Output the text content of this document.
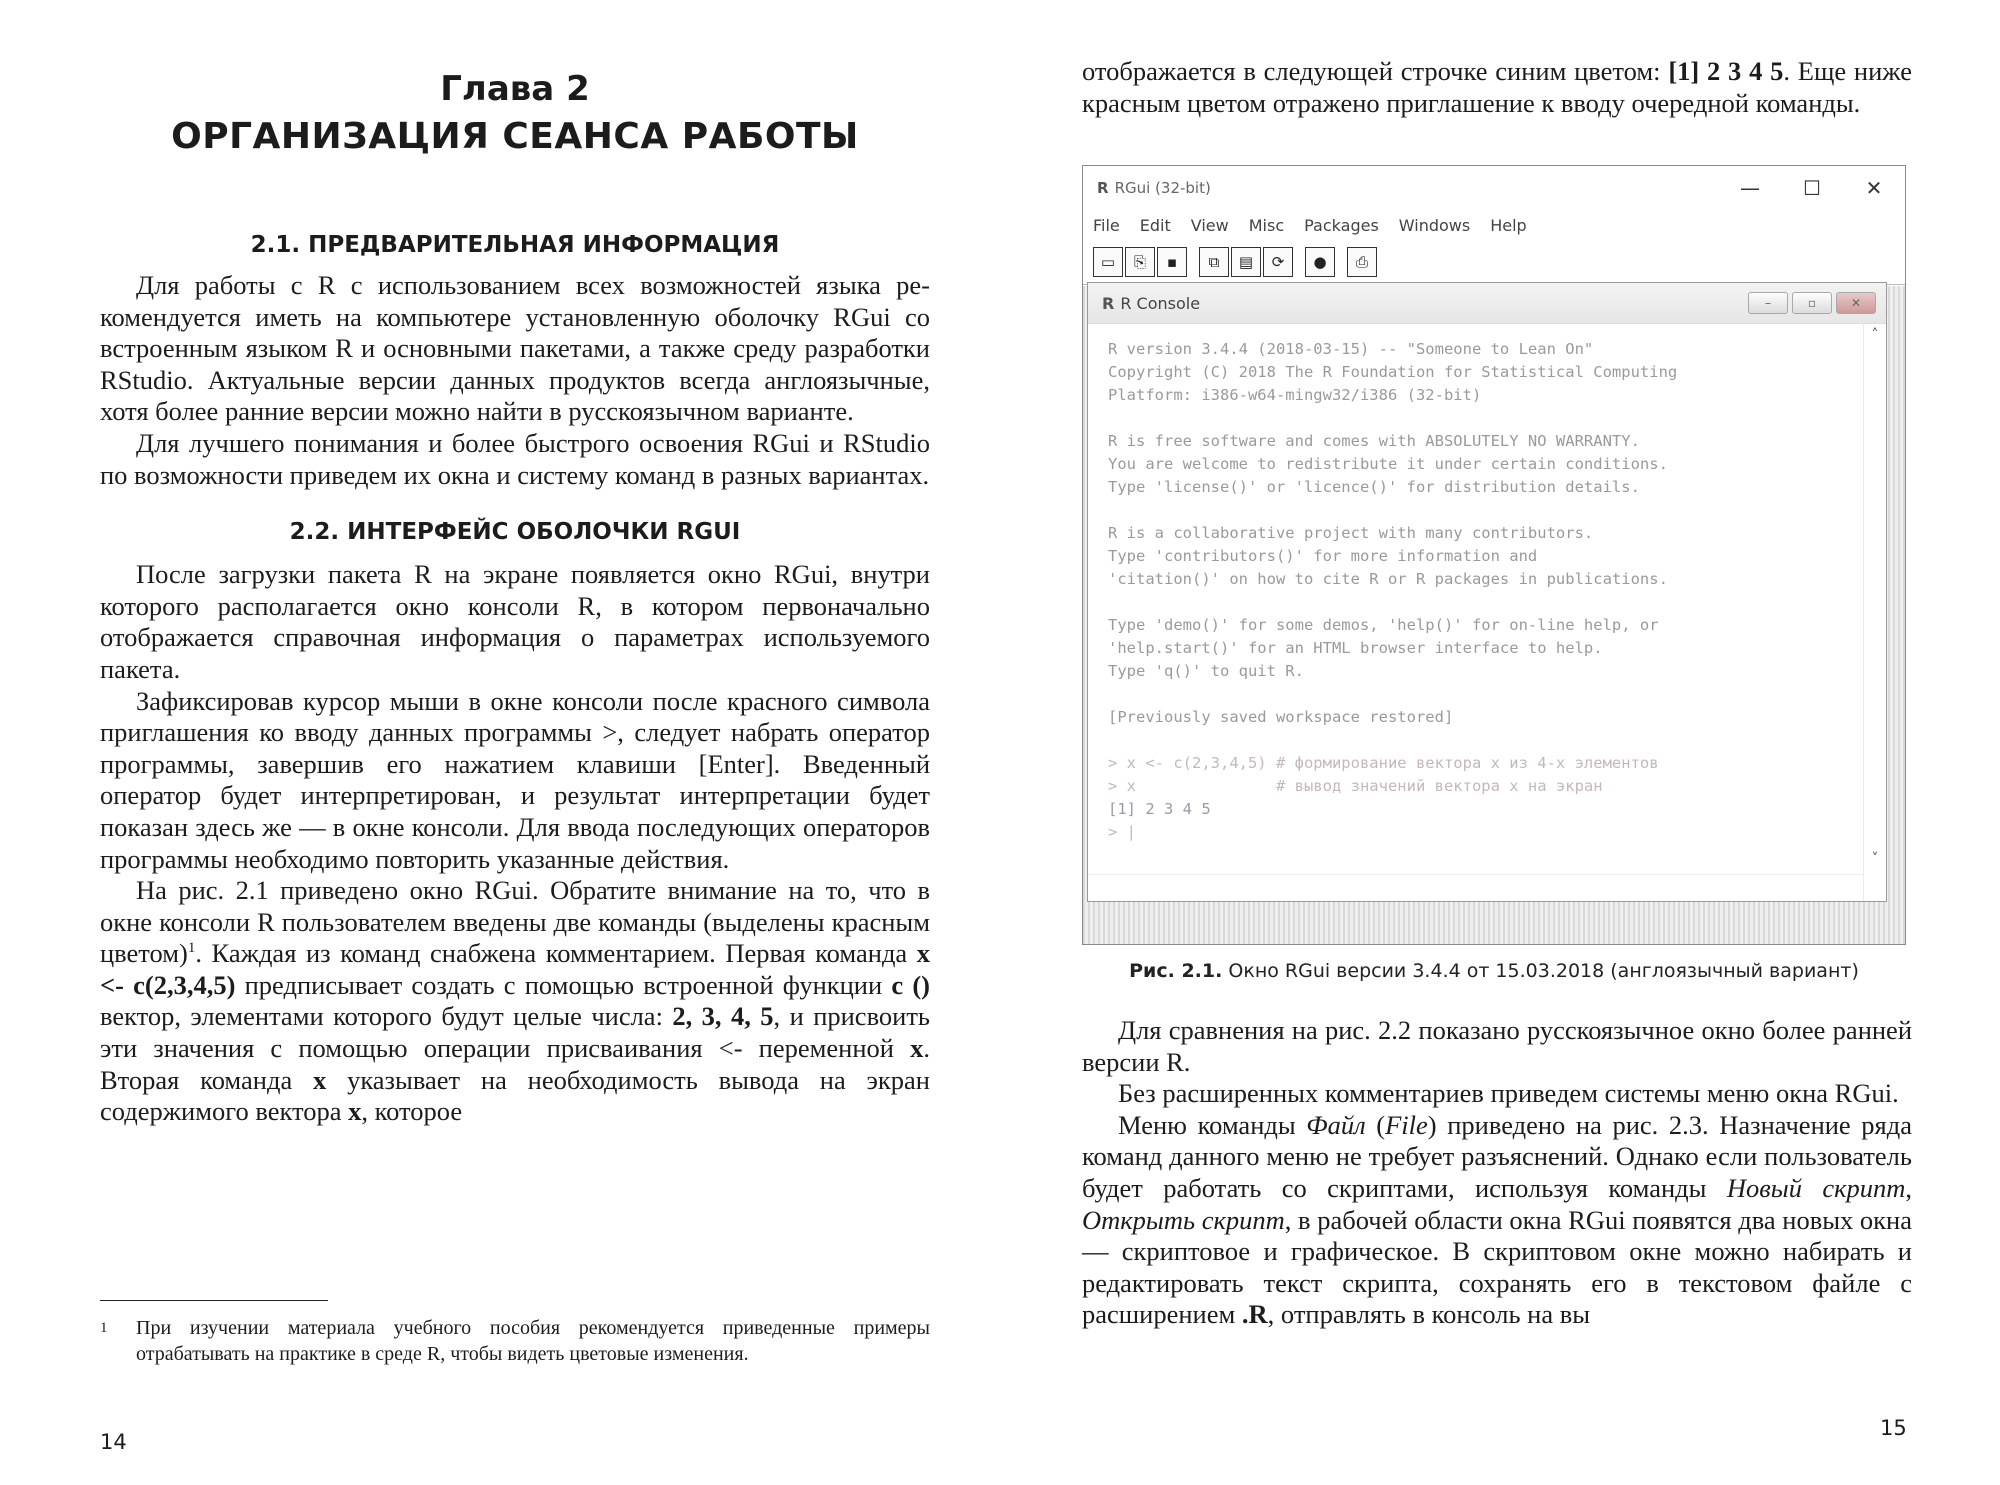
Глава 2
ОРГАНИЗАЦИЯ СЕАНСА РАБОТЫ
2.1. ПРЕДВАРИТЕЛЬНАЯ ИНФОРМАЦИЯ

Для работы с R с использованием всех возможностей языка рекомендуется иметь на компьютере установленную оболочку RGui со встроенным языком R и основными пакетами, а также среду разработки RStudio. Актуальные версии данных продуктов всегда англоязычные, хотя более ранние версии можно найти в русскоязычном варианте.

Для лучшего понимания и более быстрого освоения RGui и RStudio по возможности приведем их окна и систему команд в разных вариантах.

2.2. ИНТЕРФЕЙС ОБОЛОЧКИ RGUI

После загрузки пакета R на экране появляется окно RGui, внутри которого располагается окно консоли R, в котором первоначально отображается справочная информация о параметрах используемого пакета.

Зафиксировав курсор мыши в окне консоли после красного символа приглашения ко вводу данных программы >, следует набрать оператор программы, завершив его нажатием клавиши [Enter]. Введенный оператор будет интерпретирован, и результат интерпретации будет показан здесь же — в окне консоли. Для ввода последующих операторов программы необходимо повторить указанные действия.

На рис. 2.1 приведено окно RGui. Обратите внимание на то, что в окне консоли R пользователем введены две команды (выделены красным цветом)$^1$. Каждая из команд снабжена комментарием. Первая команда x <- c(2,3,4,5) предписывает создать с помощью встроенной функции c () вектор, элементами которого будут целые числа: 2, 3, 4, 5, и присвоить эти значения с помощью операции присваивания <- переменной x. Вторая команда x указывает на необходимость вывода на экран содержимого вектора x, которое

1	При изучении материала учебного пособия рекомендуется приведенные примеры отрабатывать на практике в среде R, чтобы видеть цветовые изменения.
14

отображается в следующей строчке синим цветом: [1] 2 3 4 5. Еще ниже красным цветом отражено приглашение к вводу очередной команды.

Для сравнения на рис. 2.2 показано русскоязычное окно более ранней версии R.

Без расширенных комментариев приведем системы меню окна RGui.

Меню команды Файл (File) приведено на рис. 2.3. Назначение ряда команд данного меню не требует разъяснений. Однако если пользователь будет работать со скриптами, используя команды Новый скрипт, Открыть скрипт, в рабочей области окна RGui появятся два новых окна — скриптовое и графическое. В скриптовом окне можно набирать и редактировать текст скрипта, сохранять его в текстовом файле с расширением .R, отправлять в консоль на вы

15
R RGui (32-bit)	—	☐	✕
File Edit View Misc Packages Windows Help
▭	⎘	▪	⧉	▤	⟳	●	⎙
R R Console	–	▫	✕
R version 3.4.4 (2018-03-15) -- "Someone to Lean On"
Copyright (C) 2018 The R Foundation for Statistical Computing
Platform: i386-w64-mingw32/i386 (32-bit)

R is free software and comes with ABSOLUTELY NO WARRANTY.
You are welcome to redistribute it under certain conditions.
Type 'license()' or 'licence()' for distribution details.

R is a collaborative project with many contributors.
Type 'contributors()' for more information and
'citation()' on how to cite R or R packages in publications.

Type 'demo()' for some demos, 'help()' for on-line help, or
'help.start()' for an HTML browser interface to help.
Type 'q()' to quit R.

[Previously saved workspace restored]

> x <- c(2,3,4,5) # формирование вектора x из 4-х элементов
> x               # вывод значений вектора x на экран
[1] 2 3 4 5
> |
˄
˅
Рис. 2.1. Окно RGui версии 3.4.4 от 15.03.2018 (англоязычный вариант)
